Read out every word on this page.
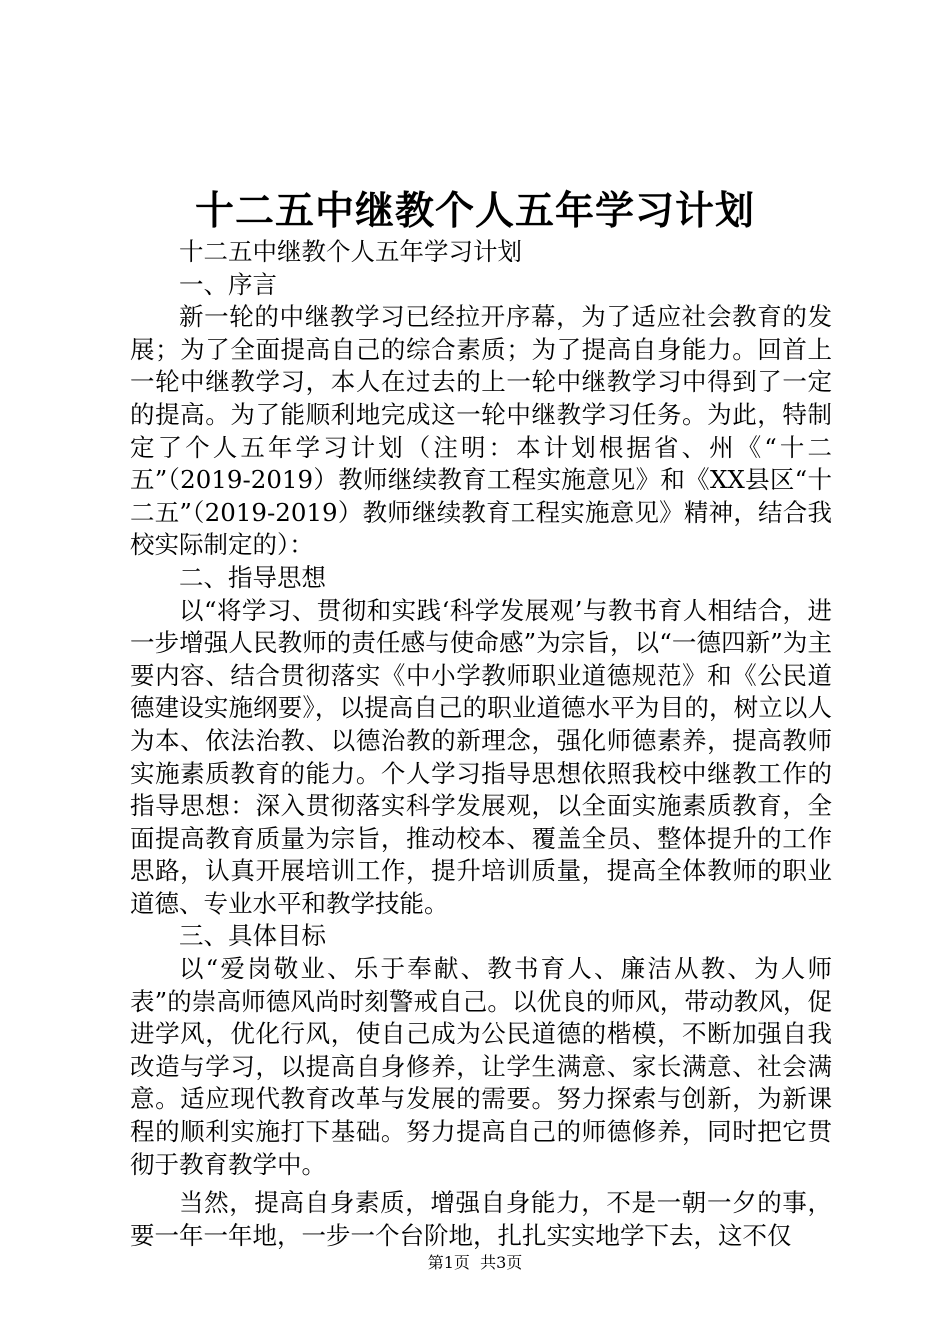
十二五中继教个人五年学习计划

十二五中继教个人五年学习计划

一、序言

新一轮的中继教学习已经拉开序幕，为了适应社会教育的发展；为了全面提高自己的综合素质；为了提高自身能力。回首上一轮中继教学习，本人在过去的上一轮中继教学习中得到了一定的提高。为了能顺利地完成这一轮中继教学习任务。为此，特制定了个人五年学习计划（注明：本计划根据省、州《“十二五”（2019-2019）教师继续教育工程实施意见》和《XX县区“十二五”（2019-2019）教师继续教育工程实施意见》精神，结合我校实际制定的）：

二、指导思想

以“将学习、贯彻和实践‘科学发展观’与教书育人相结合，进一步增强人民教师的责任感与使命感”为宗旨，以“一德四新”为主要内容、结合贯彻落实《中小学教师职业道德规范》和《公民道德建设实施纲要》，以提高自己的职业道德水平为目的，树立以人为本、依法治教、以德治教的新理念，强化师德素养，提高教师实施素质教育的能力。个人学习指导思想依照我校中继教工作的指导思想：深入贯彻落实科学发展观，以全面实施素质教育，全面提高教育质量为宗旨，推动校本、覆盖全员、整体提升的工作思路，认真开展培训工作，提升培训质量，提高全体教师的职业道德、专业水平和教学技能。

三、具体目标

以“爱岗敬业、乐于奉献、教书育人、廉洁从教、为人师表”的崇高师德风尚时刻警戒自己。以优良的师风，带动教风，促进学风，优化行风，使自己成为公民道德的楷模，不断加强自我改造与学习，以提高自身修养，让学生满意、家长满意、社会满意。适应现代教育改革与发展的需要。努力探索与创新，为新课程的顺利实施打下基础。努力提高自己的师德修养，同时把它贯彻于教育教学中。

当然，提高自身素质，增强自身能力，不是一朝一夕的事，要一年一年地，一步一个台阶地，扎扎实实地学下去，这不仅

第1页 共3页
